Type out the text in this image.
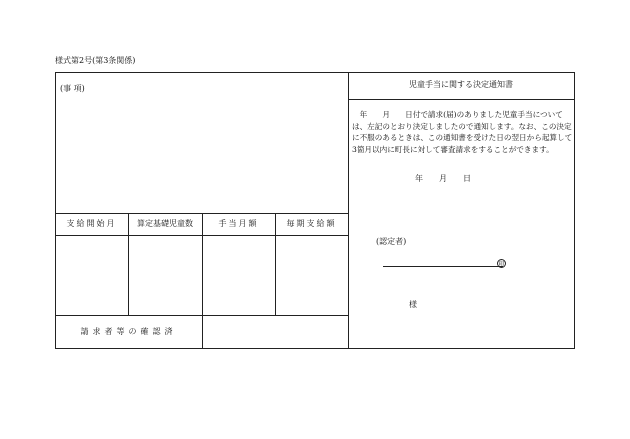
様式第2号(第3条関係)
(事 項)
支給開始月	算定基礎児童数	手当月額	毎期支給額
請求者等の確認済
児童手当に関する決定通知書
　年　　月　　日付で請求(届)のありました児童手当については、左記のとおり決定しましたので通知します。なお、この決定に不服のあるときは、この通知書を受けた日の翌日から起算して3箇月以内に町長に対して審査請求をすることができます。
年　　月　　日
(認定者)
印
様
